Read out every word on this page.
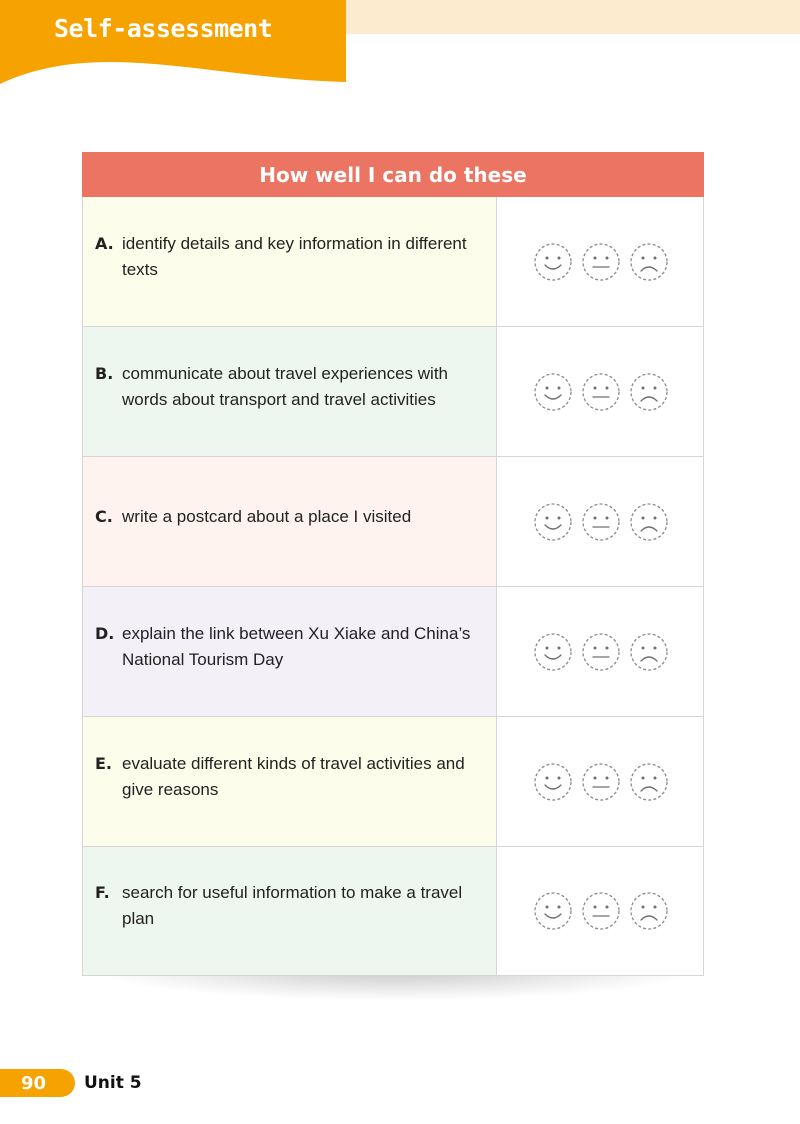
Self-assessment
How well I can do these
A. identify details and key information in different texts
B. communicate about travel experiences with words about transport and travel activities
C. write a postcard about a place I visited
D. explain the link between Xu Xiake and China’s National Tourism Day
E. evaluate different kinds of travel activities and give reasons
F. search for useful information to make a travel plan
90	Unit 5
